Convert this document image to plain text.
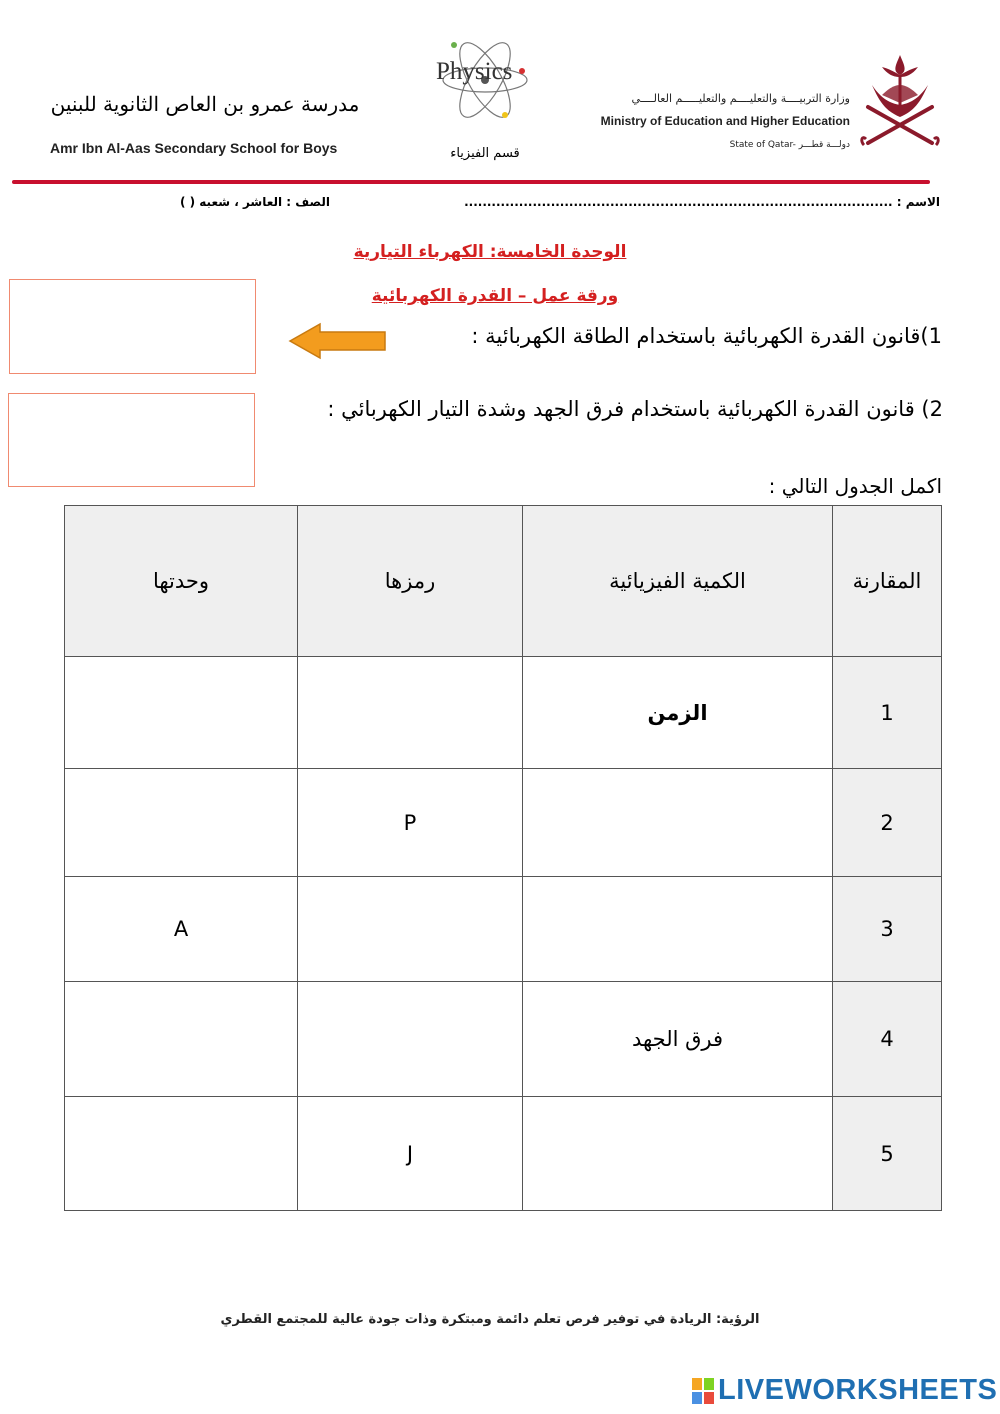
مدرسة عمرو بن العاص الثانوية للبنين
Amr Ibn Al-Aas Secondary School for Boys
Physics
قسم الفيزياء
وزارة التربيــــة والتعليــــم والتعليـــــم العالــــي
Ministry of Education and Higher Education
State of Qatar- دولـــة قطـــر
الاسم : ..............................................................................................
الصف : العاشر ، شعبه ( )
الوحدة الخامسة: الكهرباء التيارية
ورقة عمل – القدرة الكهربائية
1)قانون القدرة الكهربائية باستخدام الطاقة الكهربائية :
2) قانون القدرة الكهربائية باستخدام فرق الجهد وشدة التيار الكهربائي :
اكمل الجدول التالي :
وحدتها	رمزها	الكمية الفيزيائية	المقارنة
		الزمن	1
	P		2
A			3
		فرق الجهد	4
	J		5
الرؤية: الريادة في توفير فرص تعلم دائمة ومبتكرة وذات جودة عالية للمجتمع القطري
LIVEWORKSHEETS
